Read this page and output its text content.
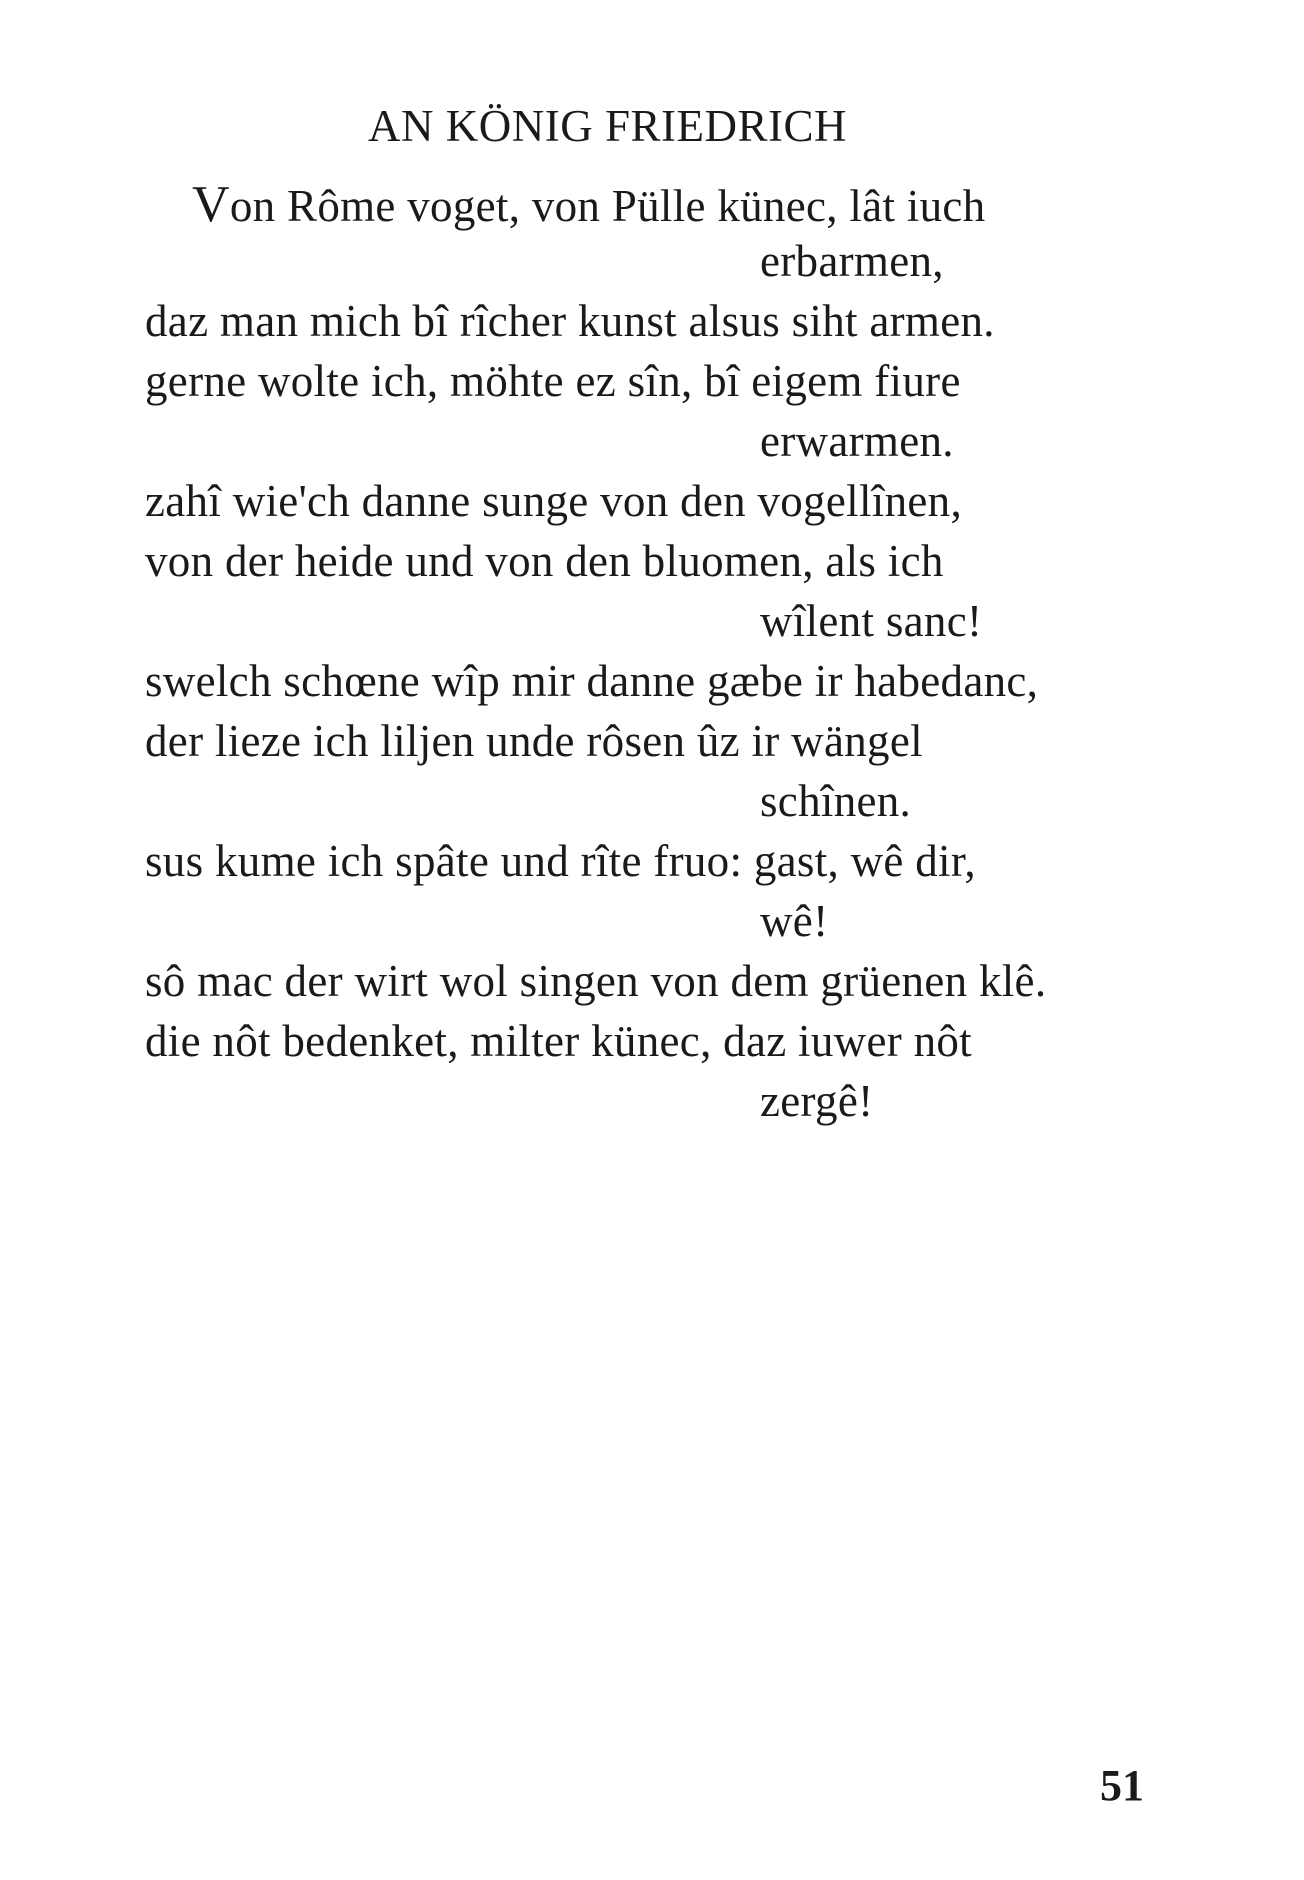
AN KÖNIG FRIEDRICH
Von Rôme voget, von Pülle künec, lât iuch
erbarmen,
daz man mich bî rîcher kunst alsus siht armen.
gerne wolte ich, möhte ez sîn, bî eigem fiure
erwarmen.
zahî wie'ch danne sunge von den vogellînen,
von der heide und von den bluomen, als ich
wîlent sanc!
swelch schœne wîp mir danne gæbe ir habedanc,
der lieze ich liljen unde rôsen ûz ir wängel
schînen.
sus kume ich spâte und rîte fruo: gast, wê dir,
wê!
sô mac der wirt wol singen von dem grüenen klê.
die nôt bedenket, milter künec, daz iuwer nôt
zergê!
51
